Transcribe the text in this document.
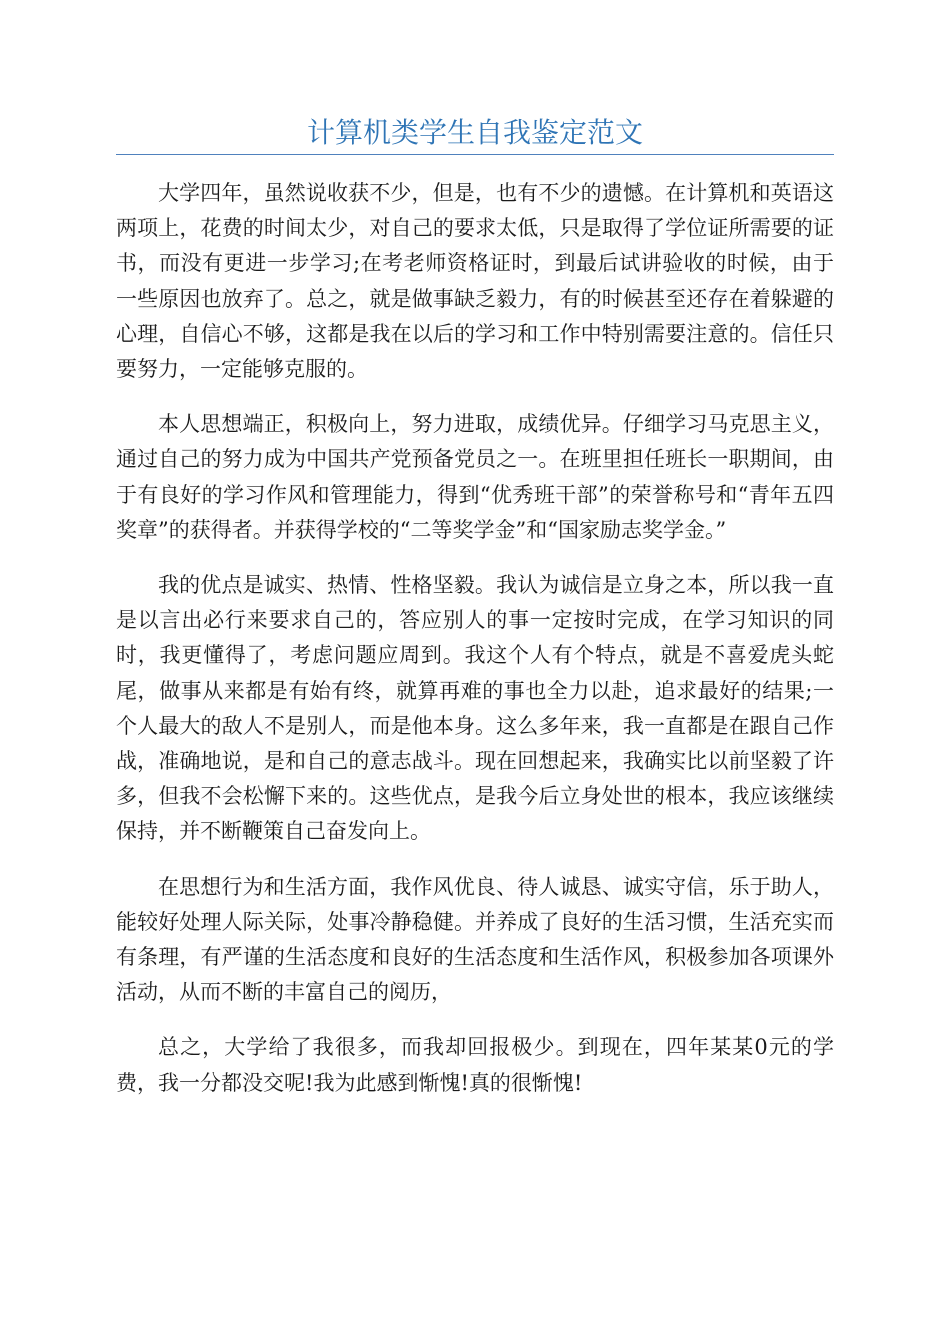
计算机类学生自我鉴定范文

大学四年，虽然说收获不少，但是，也有不少的遗憾。在计算机和英语这两项上，花费的时间太少，对自己的要求太低，只是取得了学位证所需要的证书，而没有更进一步学习;在考老师资格证时，到最后试讲验收的时候，由于一些原因也放弃了。总之，就是做事缺乏毅力，有的时候甚至还存在着躲避的心理，自信心不够，这都是我在以后的学习和工作中特别需要注意的。信任只要努力，一定能够克服的。

本人思想端正，积极向上，努力进取，成绩优异。仔细学习马克思主义，通过自己的努力成为中国共产党预备党员之一。在班里担任班长一职期间，由于有良好的学习作风和管理能力，得到“优秀班干部”的荣誉称号和“青年五四奖章”的获得者。并获得学校的“二等奖学金”和“国家励志奖学金。”

我的优点是诚实、热情、性格坚毅。我认为诚信是立身之本，所以我一直是以言出必行来要求自己的，答应别人的事一定按时完成，在学习知识的同时，我更懂得了，考虑问题应周到。我这个人有个特点，就是不喜爱虎头蛇尾，做事从来都是有始有终，就算再难的事也全力以赴，追求最好的结果;一个人最大的敌人不是别人，而是他本身。这么多年来，我一直都是在跟自己作战，准确地说，是和自己的意志战斗。现在回想起来，我确实比以前坚毅了许多，但我不会松懈下来的。这些优点，是我今后立身处世的根本，我应该继续保持，并不断鞭策自己奋发向上。

在思想行为和生活方面，我作风优良、待人诚恳、诚实守信，乐于助人，能较好处理人际关际，处事冷静稳健。并养成了良好的生活习惯，生活充实而有条理，有严谨的生活态度和良好的生活态度和生活作风，积极参加各项课外活动，从而不断的丰富自己的阅历，

总之，大学给了我很多，而我却回报极少。到现在，四年某某0元的学费，我一分都没交呢!我为此感到惭愧!真的很惭愧!
